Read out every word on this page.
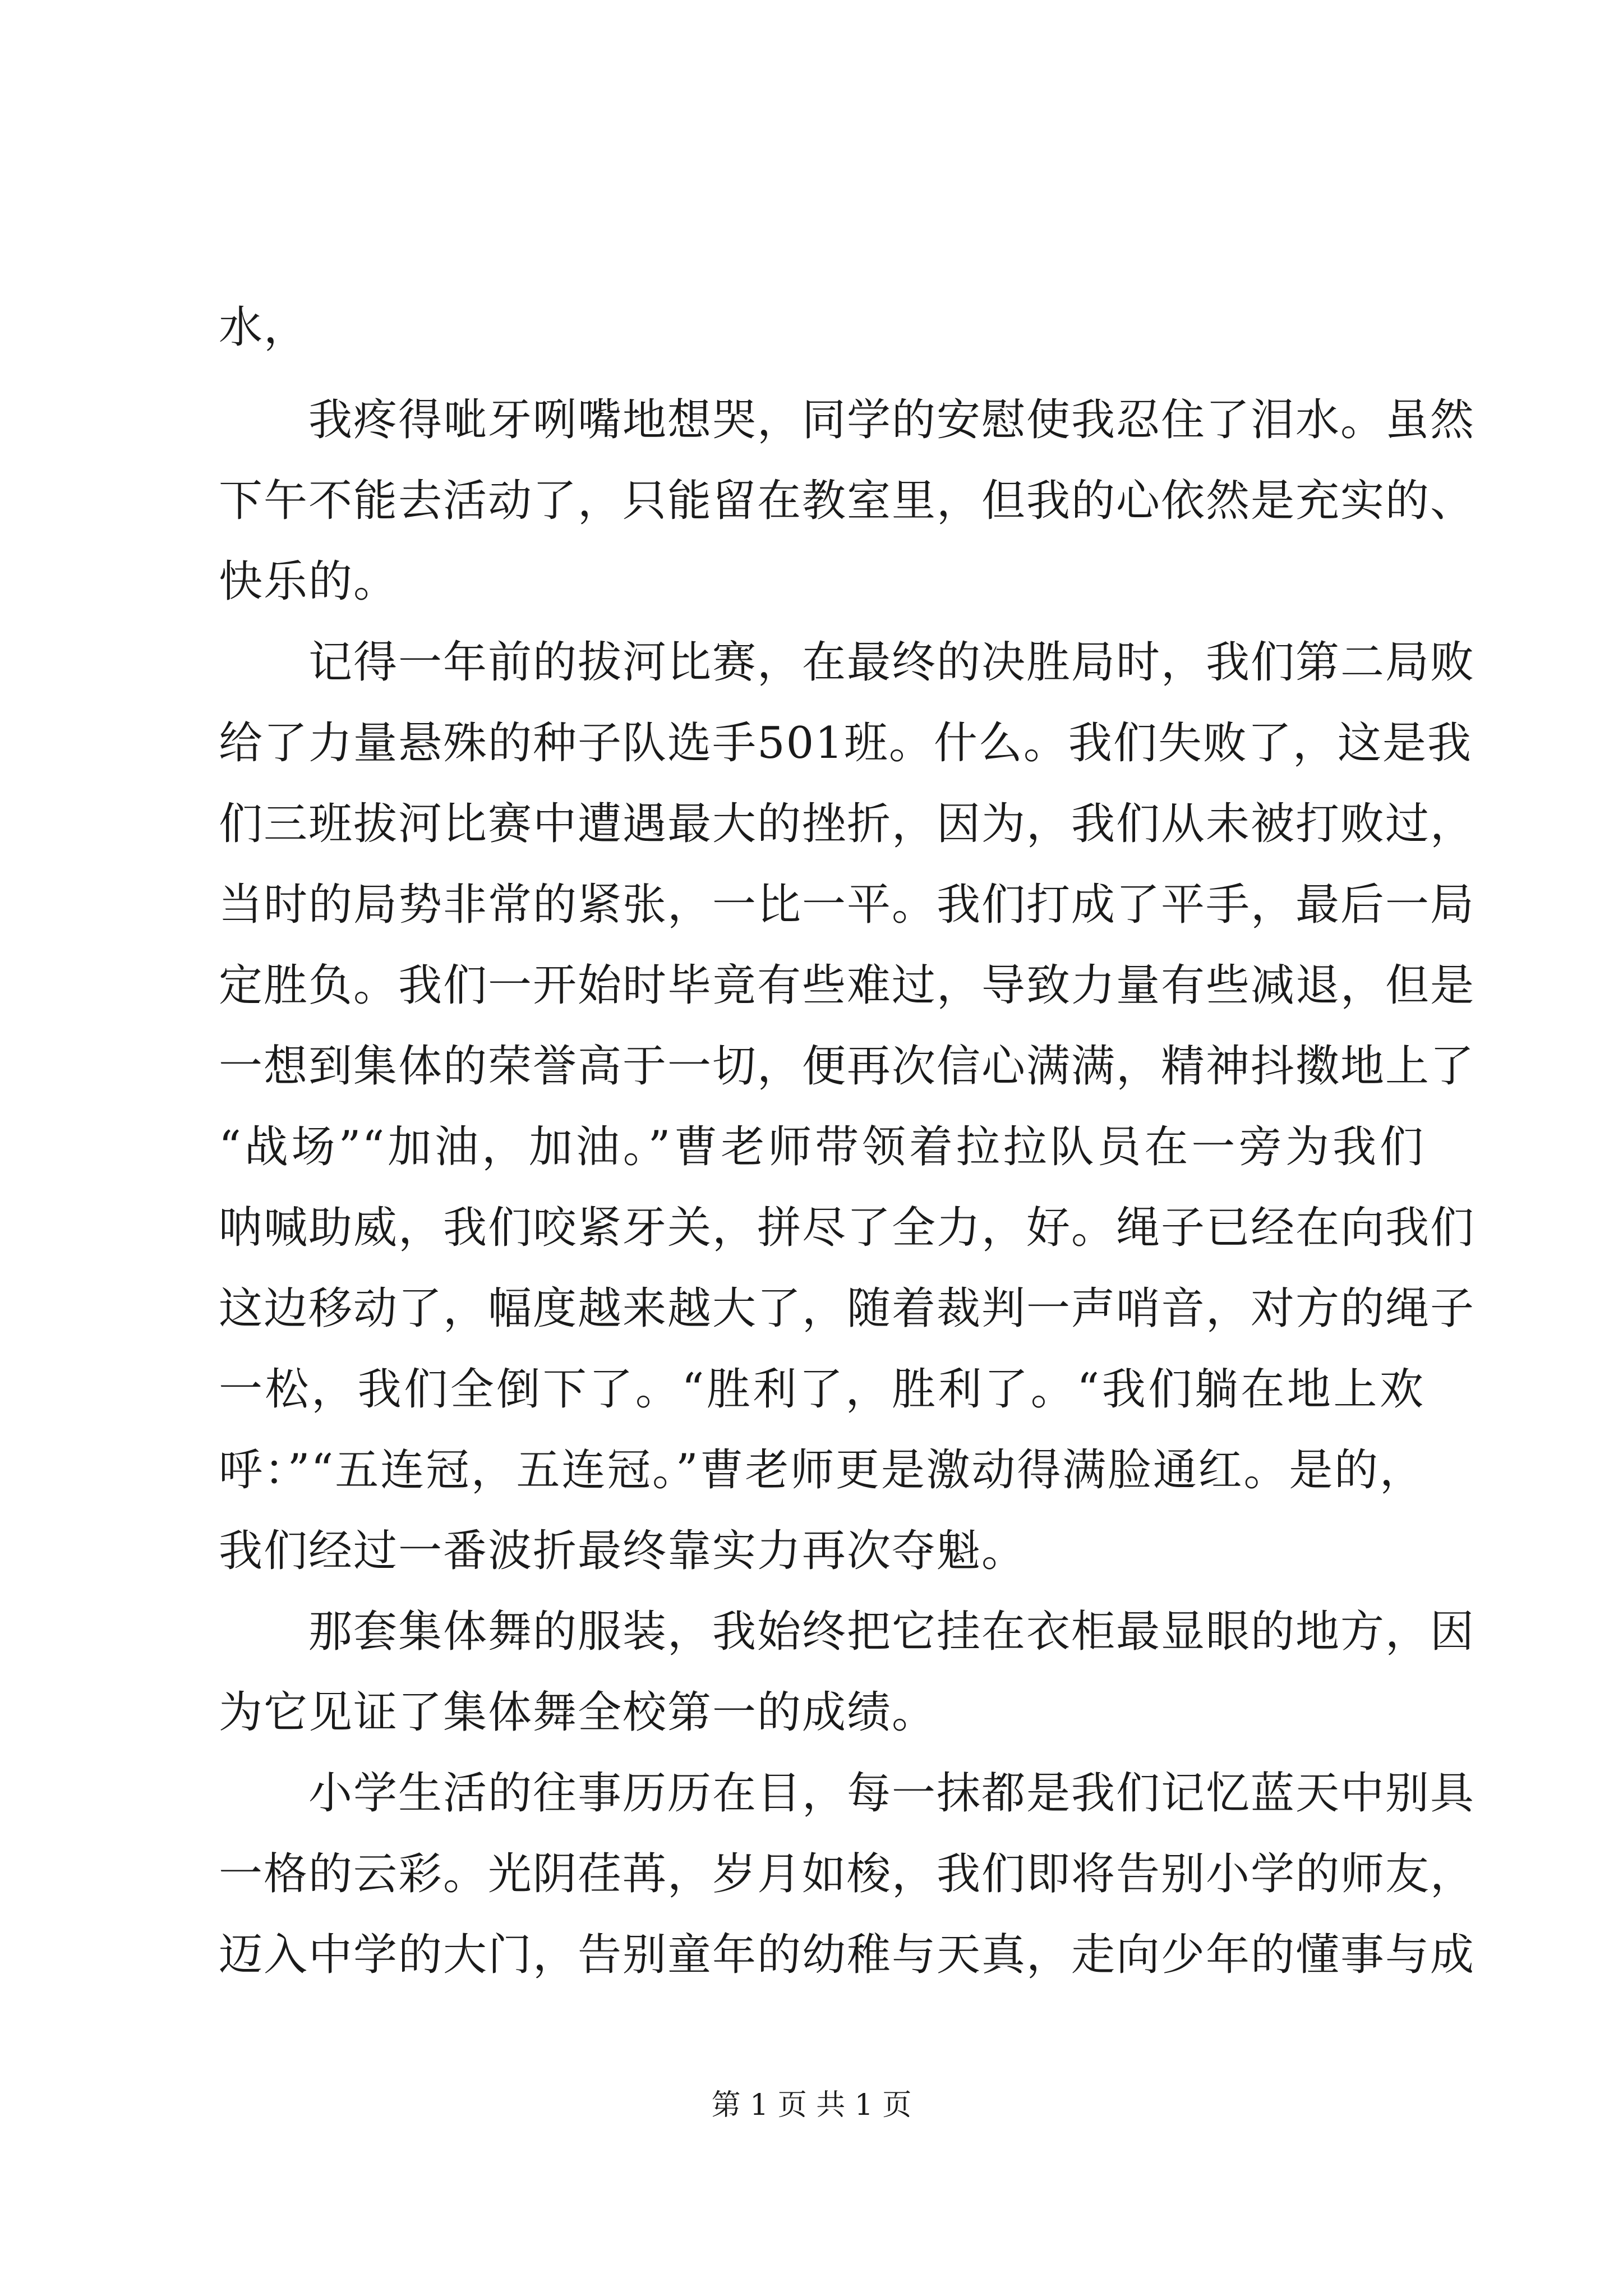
水，
我疼得呲牙咧嘴地想哭，同学的安慰使我忍住了泪水。虽然
下午不能去活动了，只能留在教室里，但我的心依然是充实的、
快乐的。
记得一年前的拔河比赛，在最终的决胜局时，我们第二局败
给了力量悬殊的种子队选手501班。什么。我们失败了，这是我
们三班拔河比赛中遭遇最大的挫折，因为，我们从未被打败过，
当时的局势非常的紧张，一比一平。我们打成了平手，最后一局
定胜负。我们一开始时毕竟有些难过，导致力量有些减退，但是
一想到集体的荣誉高于一切，便再次信心满满，精神抖擞地上了
“战场”“加油，加油。”曹老师带领着拉拉队员在一旁为我们
呐喊助威，我们咬紧牙关，拼尽了全力，好。绳子已经在向我们
这边移动了，幅度越来越大了，随着裁判一声哨音，对方的绳子
一松，我们全倒下了。“胜利了，胜利了。“我们躺在地上欢
呼：”“五连冠，五连冠。”曹老师更是激动得满脸通红。是的，
我们经过一番波折最终靠实力再次夺魁。
那套集体舞的服装，我始终把它挂在衣柜最显眼的地方，因
为它见证了集体舞全校第一的成绩。
小学生活的往事历历在目，每一抹都是我们记忆蓝天中别具
一格的云彩。光阴荏苒，岁月如梭，我们即将告别小学的师友，
迈入中学的大门，告别童年的幼稚与天真，走向少年的懂事与成
第 1 页 共 1 页
